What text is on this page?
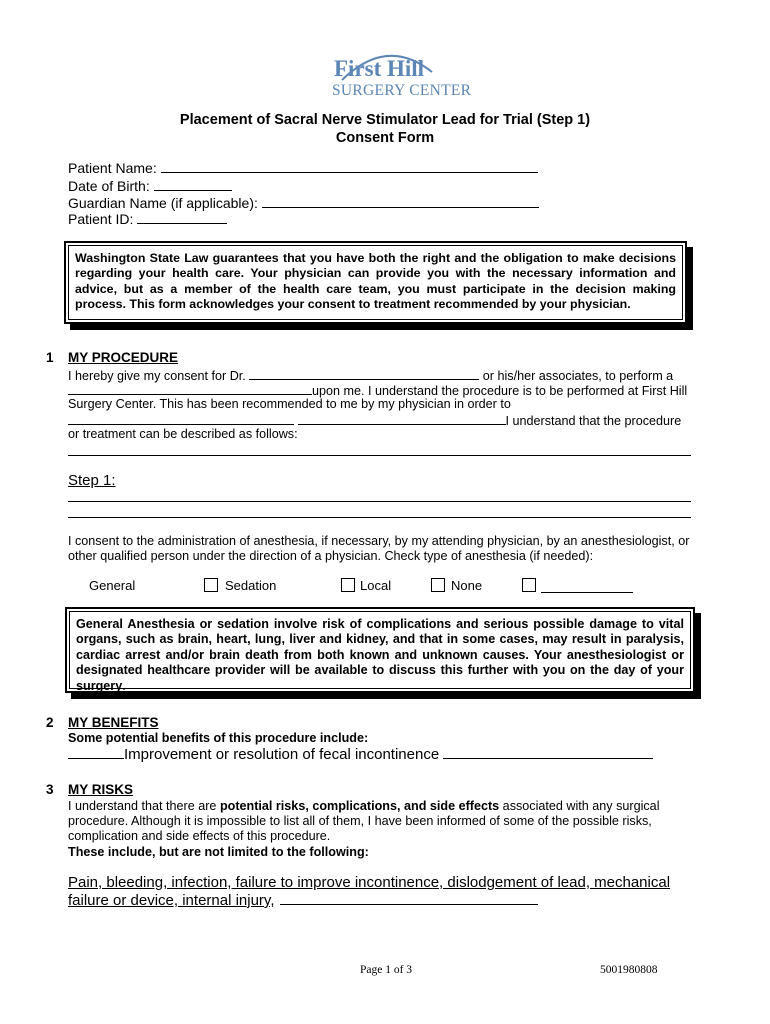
First Hill
SURGERY CENTER
Placement of Sacral Nerve Stimulator Lead for Trial (Step 1)
Consent Form
Patient Name:
Date of Birth:
Guardian Name (if applicable):
Patient ID:
Washington State Law guarantees that you have both the right and the obligation to make decisions regarding your health care. Your physician can provide you with the necessary information and advice, but as a member of the health care team, you must participate in the decision making process. This form acknowledges your consent to treatment recommended by your physician.
1 MY PROCEDURE
I hereby give my consent for Dr.	or his/her associates, to perform a
upon me. I understand the procedure is to be performed at First Hill
Surgery Center. This has been recommended to me by my physician in order to
I understand that the procedure
or treatment can be described as follows:
Step 1:
I consent to the administration of anesthesia, if necessary, by my attending physician, by an anesthesiologist, or other qualified person under the direction of a physician. Check type of anesthesia (if needed):
General	Sedation	Local	None
General Anesthesia or sedation involve risk of complications and serious possible damage to vital organs, such as brain, heart, lung, liver and kidney, and that in some cases, may result in paralysis, cardiac arrest and/or brain death from both known and unknown causes. Your anesthesiologist or designated healthcare provider will be available to discuss this further with you on the day of your surgery.
2 MY BENEFITS
Some potential benefits of this procedure include:
Improvement or resolution of fecal incontinence
3 MY RISKS
I understand that there are potential risks, complications, and side effects associated with any surgical procedure. Although it is impossible to list all of them, I have been informed of some of the possible risks, complication and side effects of this procedure.
These include, but are not limited to the following:
Pain, bleeding, infection, failure to improve incontinence, dislodgement of lead, mechanical
failure or device, internal injury,
Page 1 of 3	5001980808
